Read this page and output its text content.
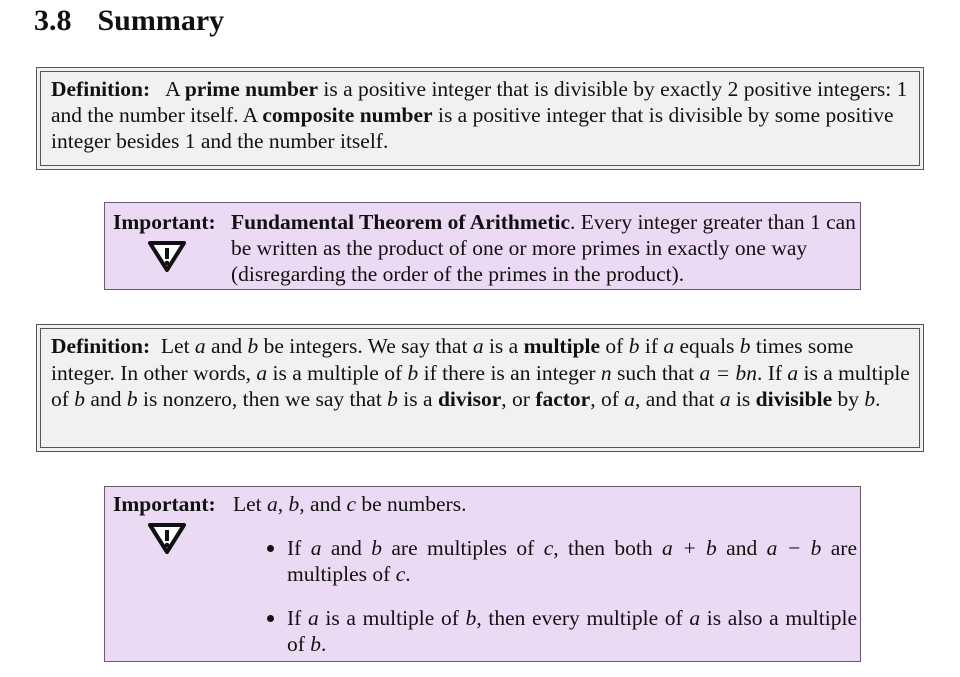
3.8 Summary
Definition: A prime number is a positive integer that is divisible by exactly 2 positive integers: 1 and the number itself. A composite number is a positive integer that is divisible by some positive integer besides 1 and the number itself.
Important: Fundamental Theorem of Arithmetic. Every integer greater than 1 can be written as the product of one or more primes in exactly one way (disregarding the order of the primes in the product).
Definition: Let a and b be integers. We say that a is a multiple of b if a equals b times some integer. In other words, a is a multiple of b if there is an integer n such that a = bn. If a is a multiple of b and b is nonzero, then we say that b is a divisor, or factor, of a, and that a is divisible by b.
Important: Let a, b, and c be numbers.
If a and b are multiples of c, then both a + b and a − b are multiples of c.
If a is a multiple of b, then every multiple of a is also a multiple of b.
